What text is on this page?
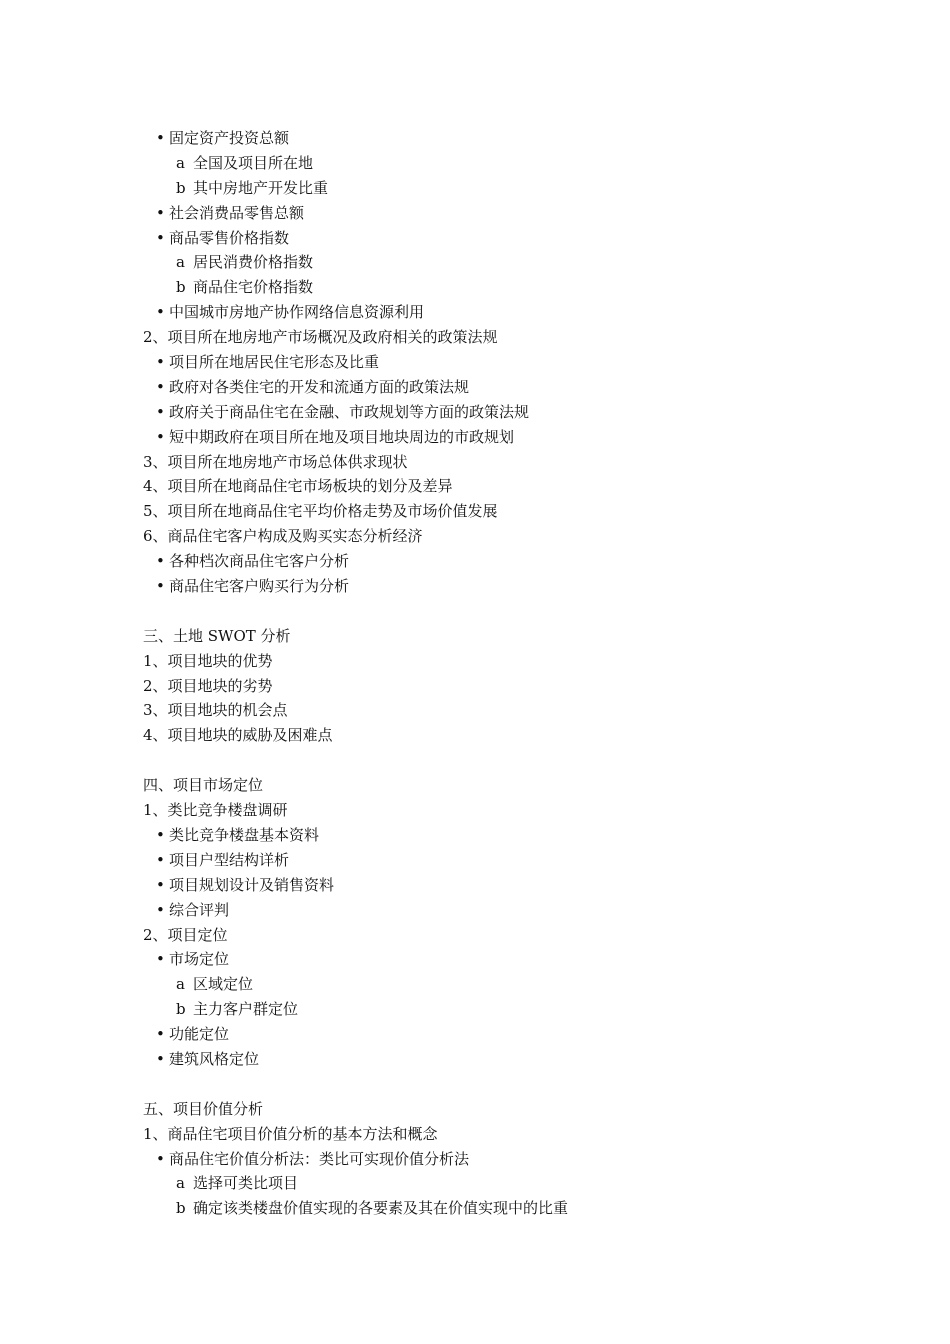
• 固定资产投资总额
a 全国及项目所在地
b 其中房地产开发比重
• 社会消费品零售总额
• 商品零售价格指数
a 居民消费价格指数
b 商品住宅价格指数
• 中国城市房地产协作网络信息资源利用
2、项目所在地房地产市场概况及政府相关的政策法规
• 项目所在地居民住宅形态及比重
• 政府对各类住宅的开发和流通方面的政策法规
• 政府关于商品住宅在金融、市政规划等方面的政策法规
• 短中期政府在项目所在地及项目地块周边的市政规划
3、项目所在地房地产市场总体供求现状
4、项目所在地商品住宅市场板块的划分及差异
5、项目所在地商品住宅平均价格走势及市场价值发展
6、商品住宅客户构成及购买实态分析经济
• 各种档次商品住宅客户分析
• 商品住宅客户购买行为分析
三、土地 SWOT 分析
1、项目地块的优势
2、项目地块的劣势
3、项目地块的机会点
4、项目地块的威胁及困难点
四、项目市场定位
1、类比竞争楼盘调研
• 类比竞争楼盘基本资料
• 项目户型结构详析
• 项目规划设计及销售资料
• 综合评判
2、项目定位
• 市场定位
a 区域定位
b 主力客户群定位
• 功能定位
• 建筑风格定位
五、项目价值分析
1、商品住宅项目价值分析的基本方法和概念
• 商品住宅价值分析法：类比可实现价值分析法
a 选择可类比项目
b 确定该类楼盘价值实现的各要素及其在价值实现中的比重
